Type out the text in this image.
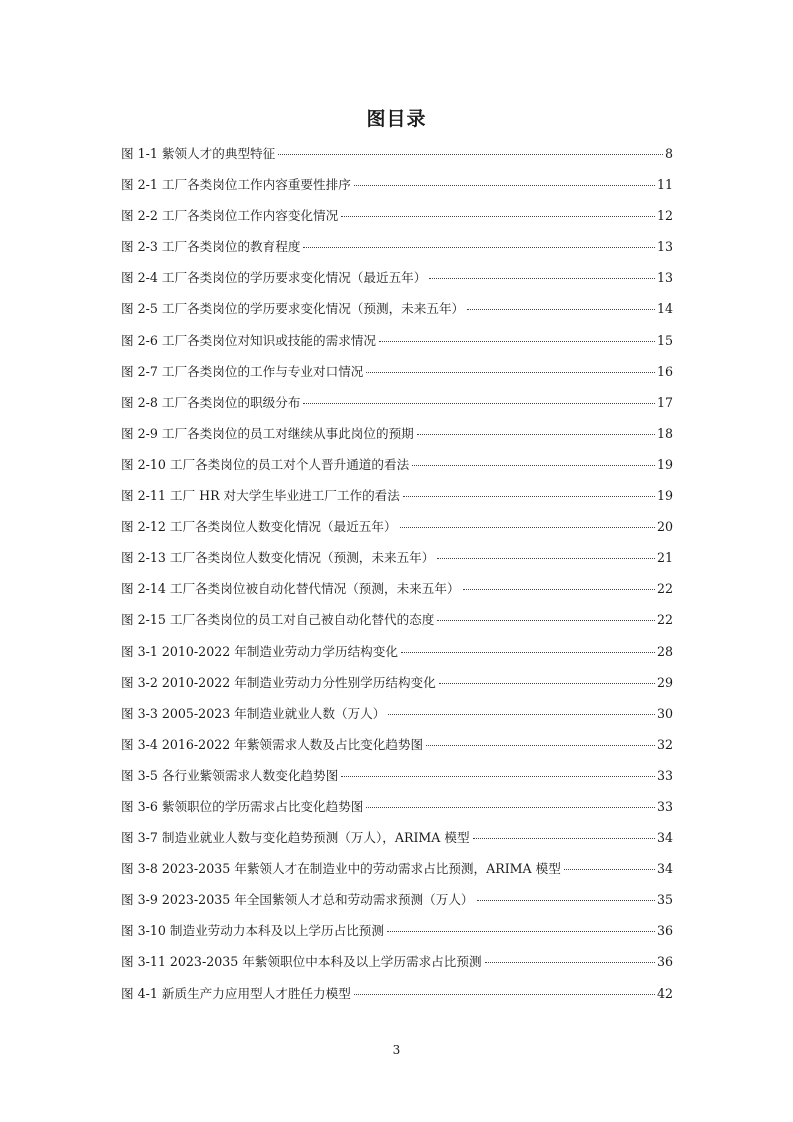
图目录
图 1-1 紫领人才的典型特征	8
图 2-1 工厂各类岗位工作内容重要性排序	11
图 2-2 工厂各类岗位工作内容变化情况	12
图 2-3 工厂各类岗位的教育程度	13
图 2-4 工厂各类岗位的学历要求变化情况（最近五年）	13
图 2-5 工厂各类岗位的学历要求变化情况（预测，未来五年）	14
图 2-6 工厂各类岗位对知识或技能的需求情况	15
图 2-7 工厂各类岗位的工作与专业对口情况	16
图 2-8 工厂各类岗位的职级分布	17
图 2-9 工厂各类岗位的员工对继续从事此岗位的预期	18
图 2-10 工厂各类岗位的员工对个人晋升通道的看法	19
图 2-11 工厂 HR 对大学生毕业进工厂工作的看法	19
图 2-12 工厂各类岗位人数变化情况（最近五年）	20
图 2-13 工厂各类岗位人数变化情况（预测，未来五年）	21
图 2-14 工厂各类岗位被自动化替代情况（预测，未来五年）	22
图 2-15 工厂各类岗位的员工对自己被自动化替代的态度	22
图 3-1 2010-2022 年制造业劳动力学历结构变化	28
图 3-2 2010-2022 年制造业劳动力分性别学历结构变化	29
图 3-3 2005-2023 年制造业就业人数（万人）	30
图 3-4 2016-2022 年紫领需求人数及占比变化趋势图	32
图 3-5 各行业紫领需求人数变化趋势图	33
图 3-6 紫领职位的学历需求占比变化趋势图	33
图 3-7 制造业就业人数与变化趋势预测（万人），ARIMA 模型	34
图 3-8 2023-2035 年紫领人才在制造业中的劳动需求占比预测，ARIMA 模型	34
图 3-9 2023-2035 年全国紫领人才总和劳动需求预测（万人）	35
图 3-10 制造业劳动力本科及以上学历占比预测	36
图 3-11 2023-2035 年紫领职位中本科及以上学历需求占比预测	36
图 4-1 新质生产力应用型人才胜任力模型	42
3
